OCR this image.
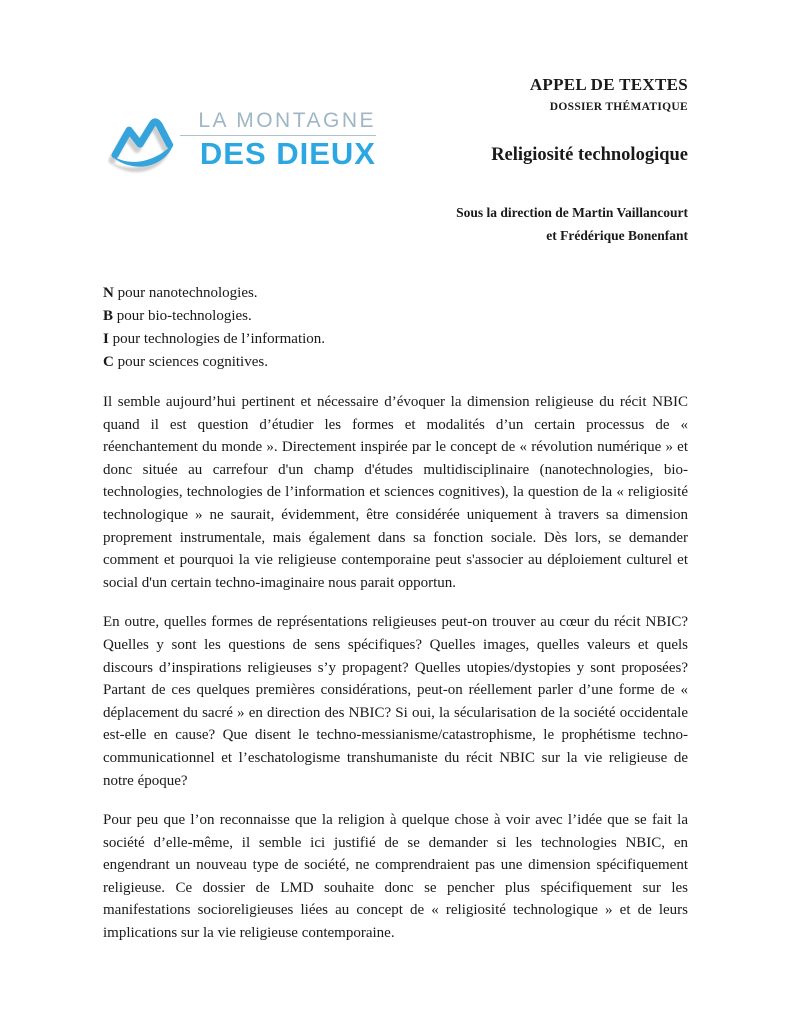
LA MONTAGNE
DES DIEUX
APPEL DE TEXTES
DOSSIER THÉMATIQUE
Religiosité technologique
Sous la direction de Martin Vaillancourt
et Frédérique Bonenfant
N pour nanotechnologies.
B pour bio-technologies.
I pour technologies de l’information.
C pour sciences cognitives.

Il semble aujourd’hui pertinent et nécessaire d’évoquer la dimension religieuse du récit NBIC quand il est question d’étudier les formes et modalités d’un certain processus de « réenchantement du monde ». Directement inspirée par le concept de « révolution numérique » et donc située au carrefour d'un champ d'études multidisciplinaire (nanotechnologies, bio-technologies, technologies de l’information et sciences cognitives), la question de la « religiosité technologique » ne saurait, évidemment, être considérée uniquement à travers sa dimension proprement instrumentale, mais également dans sa fonction sociale. Dès lors, se demander comment et pourquoi la vie religieuse contemporaine peut s'associer au déploiement culturel et social d'un certain techno-imaginaire nous parait opportun.

En outre, quelles formes de représentations religieuses peut-on trouver au cœur du récit NBIC? Quelles y sont les questions de sens spécifiques? Quelles images, quelles valeurs et quels discours d’inspirations religieuses s’y propagent? Quelles utopies/dystopies y sont proposées? Partant de ces quelques premières considérations, peut-on réellement parler d’une forme de « déplacement du sacré » en direction des NBIC? Si oui, la sécularisation de la société occidentale est-elle en cause? Que disent le techno-messianisme/catastrophisme, le prophétisme techno-communicationnel et l’eschatologisme transhumaniste du récit NBIC sur la vie religieuse de notre époque?

Pour peu que l’on reconnaisse que la religion à quelque chose à voir avec l’idée que se fait la société d’elle-même, il semble ici justifié de se demander si les technologies NBIC, en engendrant un nouveau type de société, ne comprendraient pas une dimension spécifiquement religieuse. Ce dossier de LMD souhaite donc se pencher plus spécifiquement sur les manifestations socioreligieuses liées au concept de « religiosité technologique » et de leurs implications sur la vie religieuse contemporaine.
